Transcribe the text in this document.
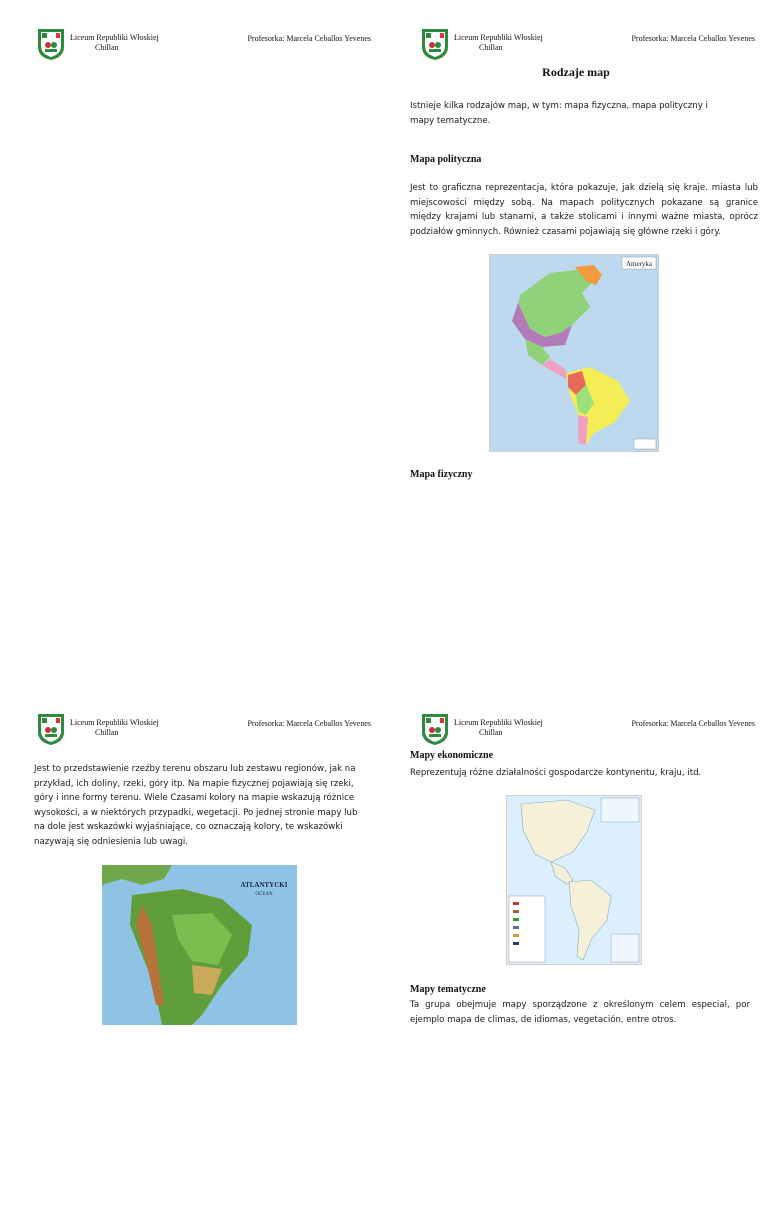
Liceum Republiki Włoskiej
Chillan
Profesorka: Marcela Ceballos Yevenes	Liceum Republiki Włoskiej
Chillan
Profesorka: Marcela Ceballos Yevenes
Rodzaje map

Istnieje kilka rodzajów map, w tym: mapa fizyczna, mapa polityczny i mapy tematyczne.

Mapa polityczna

Jest to graficzna reprezentacja, która pokazuje, jak dzielą się kraje. miasta lub miejscowości między sobą. Na mapach politycznych pokazane są granice między krajami lub stanami, a także stolicami i innymi ważne miasta, oprócz podziałów gminnych. Również czasami pojawiają się główne rzeki i góry.

Ameryka
Mapa fizyczny
Liceum Republiki Włoskiej
Chillan
Profesorka: Marcela Ceballos Yevenes

Jest to przedstawienie rzeźby terenu obszaru lub zestawu regionów, jak na przykład, ich doliny, rzeki, góry itp. Na mapie fizycznej pojawiają się rzeki, góry i inne formy terenu. Wiele Czasami kolory na mapie wskazują różnice wysokości, a w niektórych przypadki, wegetacji. Po jednej stronie mapy lub na dole jest wskazówki wyjaśniające, co oznaczają kolory, te wskazówki nazywają się odniesienia lub uwagi.

ATLANTYCKI
OCEAN
Liceum Republiki Włoskiej
Chillan
Profesorka: Marcela Ceballos Yevenes
Mapy ekonomiczne

Reprezentują różne działalności gospodarcze kontynentu, kraju, itd.

Mapy tematyczne

Ta grupa obejmuje mapy sporządzone z określonym celem especial, por ejemplo mapa de climas, de idiomas, vegetación, entre otros.
